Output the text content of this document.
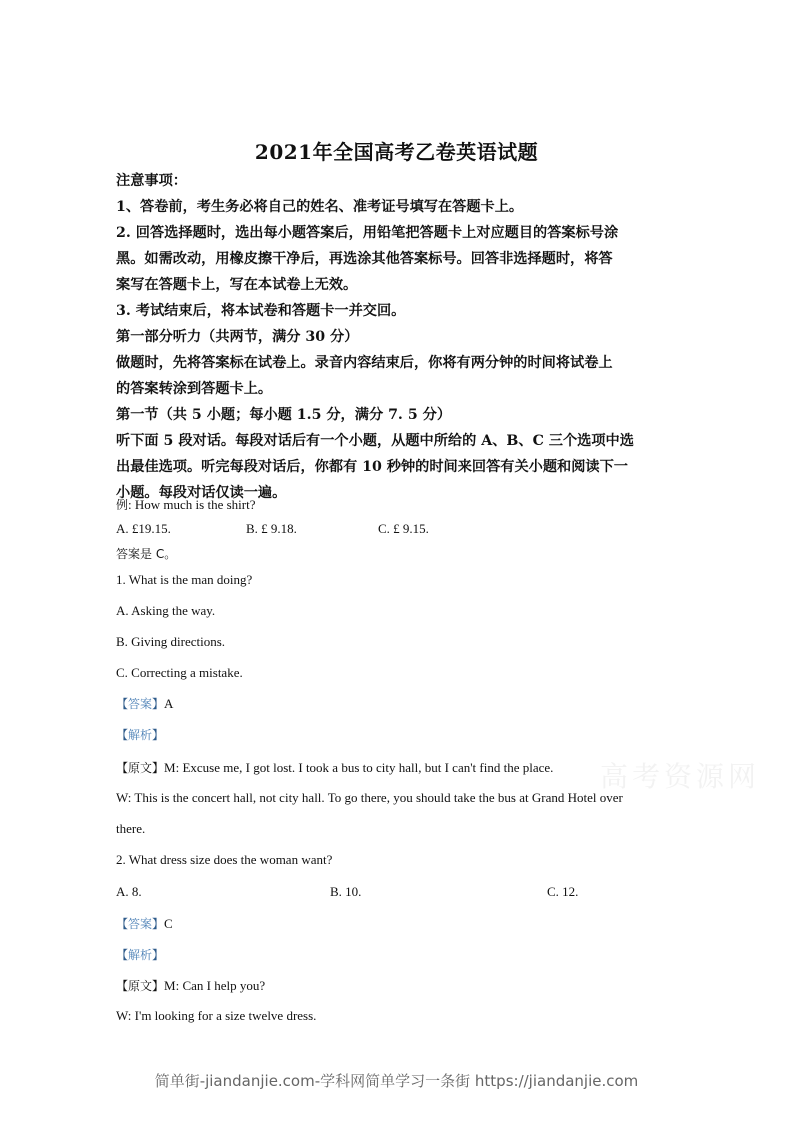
2021年全国高考乙卷英语试题
注意事项：
1、答卷前，考生务必将自己的姓名、准考证号填写在答题卡上。
2. 回答选择题时，选出每小题答案后，用铅笔把答题卡上对应题目的答案标号涂
黑。如需改动，用橡皮擦干净后，再选涂其他答案标号。回答非选择题时，将答
案写在答题卡上，写在本试卷上无效。
3. 考试结束后，将本试卷和答题卡一并交回。
第一部分听力（共两节，满分 30 分）
做题时，先将答案标在试卷上。录音内容结束后，你将有两分钟的时间将试卷上
的答案转涂到答题卡上。
第一节（共 5 小题；每小题 1.5 分，满分 7. 5 分）
听下面 5 段对话。每段对话后有一个小题，从题中所给的 A、B、C 三个选项中选
出最佳选项。听完每段对话后，你都有 10 秒钟的时间来回答有关小题和阅读下一
小题。每段对话仅读一遍。
例: How much is the shirt?
A. £19.15.	B. £ 9.18.	C. £ 9.15.
答案是 C。
1. What is the man doing?
A. Asking the way.
B. Giving directions.
C. Correcting a mistake.
【答案】A
【解析】
【原文】M: Excuse me, I got lost. I took a bus to city hall, but I can't find the place.
W: This is the concert hall, not city hall. To go there, you should take the bus at Grand Hotel over
there.
2. What dress size does the woman want?
A. 8.	B. 10.	C. 12.
【答案】C
【解析】
【原文】M: Can I help you?
W: I'm looking for a size twelve dress.
高考资源网
简单街-jiandanjie.com-学科网简单学习一条街 https://jiandanjie.com
